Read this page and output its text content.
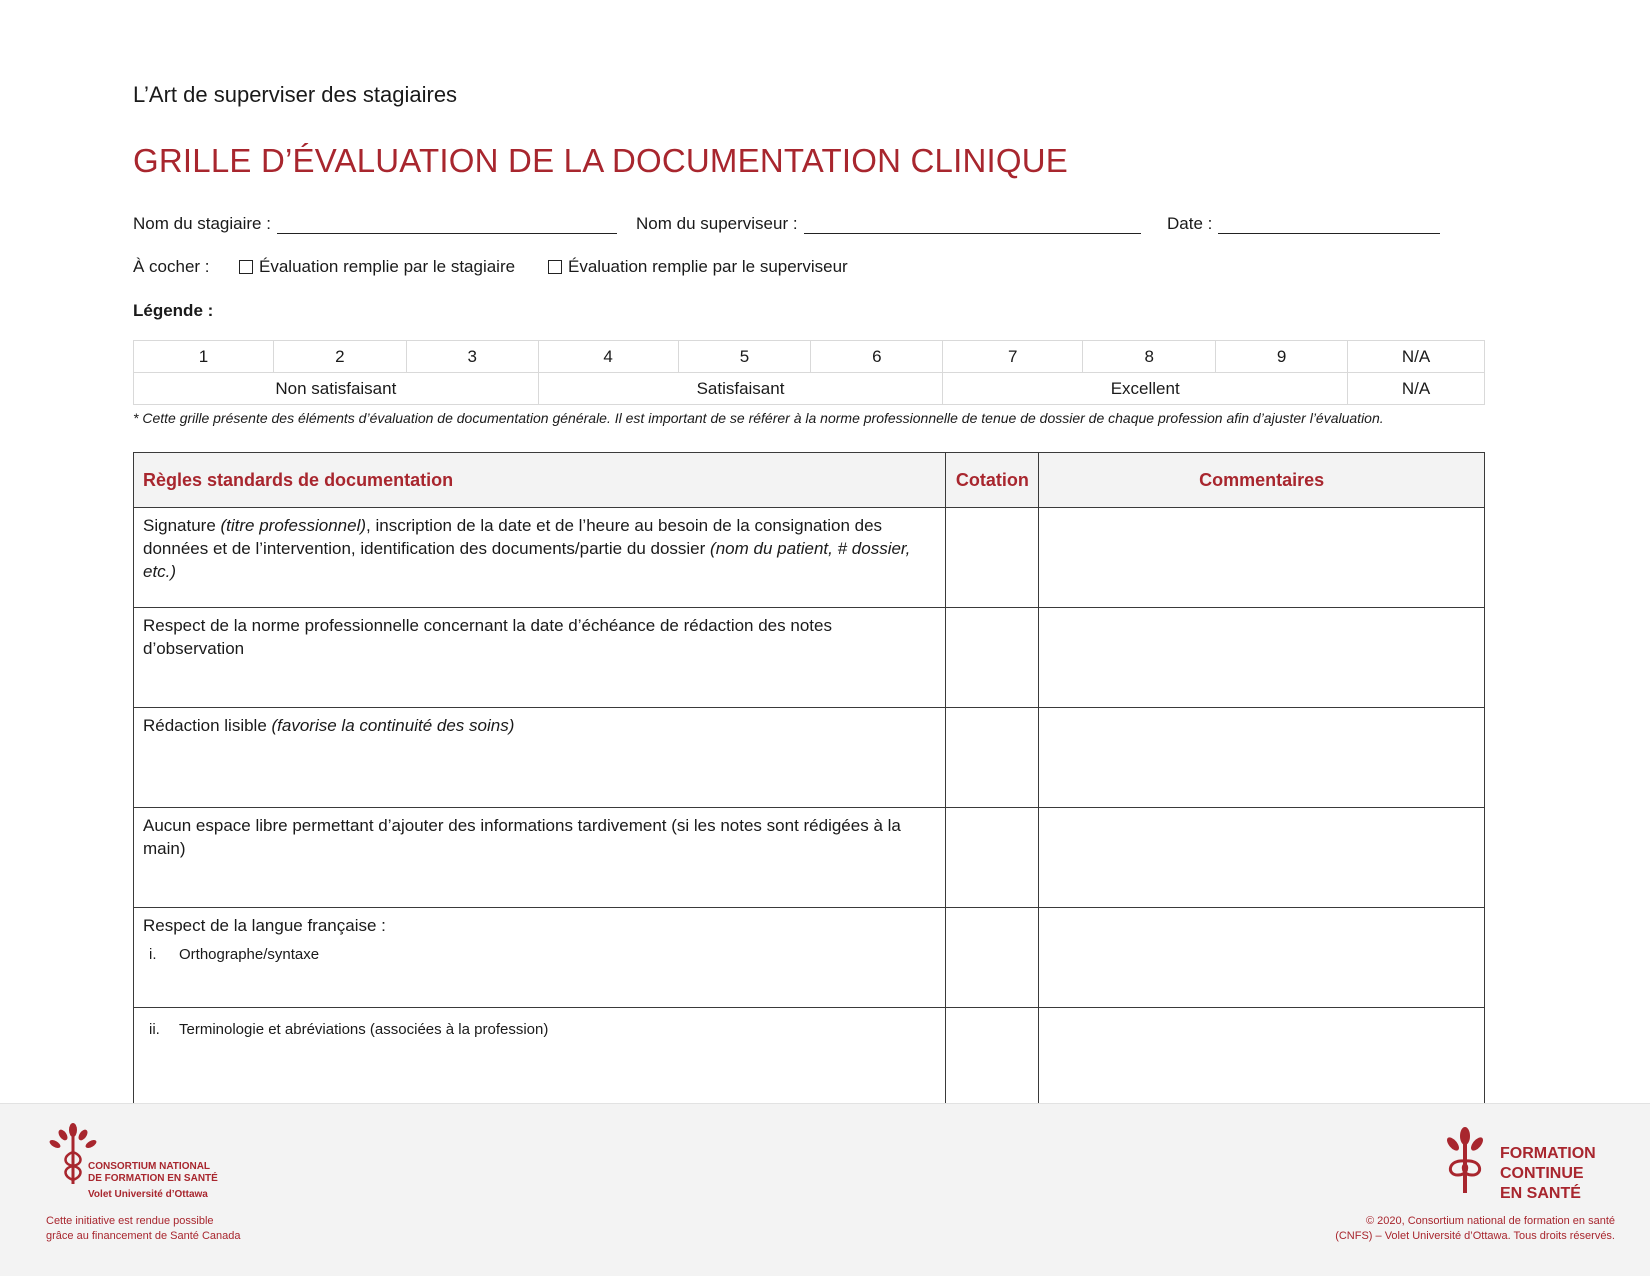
L’Art de superviser des stagiaires
GRILLE D’ÉVALUATION DE LA DOCUMENTATION CLINIQUE
Nom du stagiaire :	Nom du superviseur :	Date :
À cocher :	Évaluation remplie par le stagiaire	Évaluation remplie par le superviseur
Légende :
1	2	3	4	5	6	7	8	9	N/A
Non satisfaisant			Satisfaisant			Excellent			N/A
* Cette grille présente des éléments d’évaluation de documentation générale. Il est important de se référer à la norme professionnelle de tenue de dossier de chaque profession afin d’ajuster l’évaluation.
Règles standards de documentation	Cotation	Commentaires
Signature (titre professionnel), inscription de la date et de l’heure au besoin de la consignation des données et de l’intervention, identification des documents/partie du dossier (nom du patient, # dossier, etc.)		
Respect de la norme professionnelle concernant la date d’échéance de rédaction des notes d’observation		
Rédaction lisible (favorise la continuité des soins)		
Aucun espace libre permettant d’ajouter des informations tardivement (si les notes sont rédigées à la main)		

Respect de la langue française :
i. Orthographe/syntaxe		

ii. Terminologie et abréviations (associées à la profession)		

CONSORTIUM NATIONAL
DE FORMATION EN SANTÉ
Volet Université d’Ottawa
Cette initiative est rendue possible
grâce au financement de Santé Canada
FORMATION
CONTINUE
EN SANTÉ
© 2020, Consortium national de formation en santé
(CNFS) – Volet Université d’Ottawa. Tous droits réservés.
